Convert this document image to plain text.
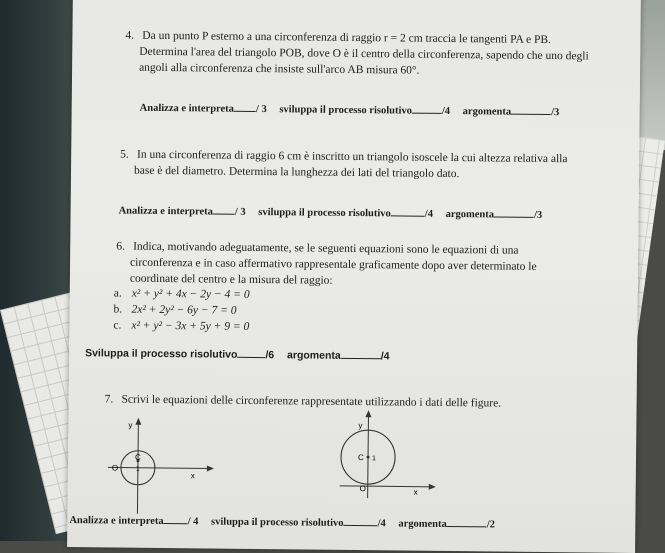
4. Da un punto P esterno a una circonferenza di raggio r = 2 cm traccia le tangenti PA e PB.
Determina l'area del triangolo POB, dove O è il centro della circonferenza, sapendo che uno degli
angoli alla circonferenza che insiste sull'arco AB misura 60°.
Analizza e interpreta / 3 sviluppa il processo risolutivo	/4 argomenta	/3
5. In una circonferenza di raggio 6 cm è inscritto un triangolo isoscele la cui altezza relativa alla
base è del diametro. Determina la lunghezza dei lati del triangolo dato.
Analizza e interpreta / 3 sviluppa il processo risolutivo	/4 argomenta	/3
6. Indica, motivando adeguatamente, se le seguenti equazioni sono le equazioni di una
circonferenza e in caso affermativo rappresentale graficamente dopo aver determinato le
coordinate del centro e la misura del raggio:
a. x² + y² + 4x − 2y − 4 = 0
b. 2x² + 2y² − 6y − 7 = 0
c. x² + y² − 3x + 5y + 9 = 0
Sviluppa il processo risolutivo	/6 argomenta	/4
7. Scrivi le equazioni delle circonferenze rappresentate utilizzando i dati delle figure.
y
x
O
C
1
y
x
O
C 1
Analizza e interpreta / 4 sviluppa il processo risolutivo	/4 argomenta	/2
